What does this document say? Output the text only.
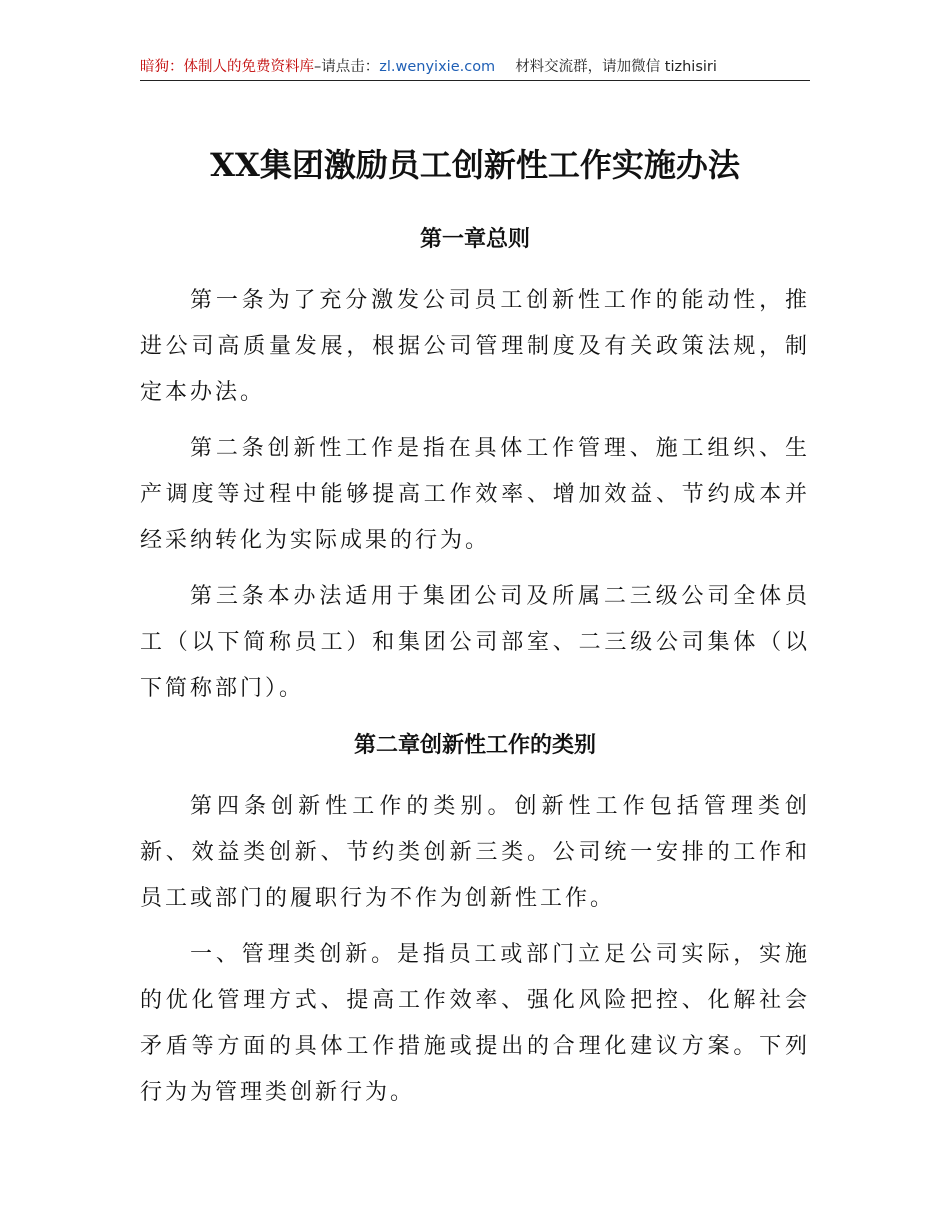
暗狗：体制人的免费资料库–请点击：zl.wenyixie.com 材料交流群，请加微信 tizhisiri
XX集团激励员工创新性工作实施办法
第一章总则

第一条为了充分激发公司员工创新性工作的能动性，推进公司高质量发展，根据公司管理制度及有关政策法规，制定本办法。

第二条创新性工作是指在具体工作管理、施工组织、生产调度等过程中能够提高工作效率、增加效益、节约成本并经采纳转化为实际成果的行为。

第三条本办法适用于集团公司及所属二三级公司全体员工（以下简称员工）和集团公司部室、二三级公司集体（以下简称部门）。

第二章创新性工作的类别

第四条创新性工作的类别。创新性工作包括管理类创新、效益类创新、节约类创新三类。公司统一安排的工作和员工或部门的履职行为不作为创新性工作。

一、管理类创新。是指员工或部门立足公司实际，实施的优化管理方式、提高工作效率、强化风险把控、化解社会矛盾等方面的具体工作措施或提出的合理化建议方案。下列行为为管理类创新行为。
